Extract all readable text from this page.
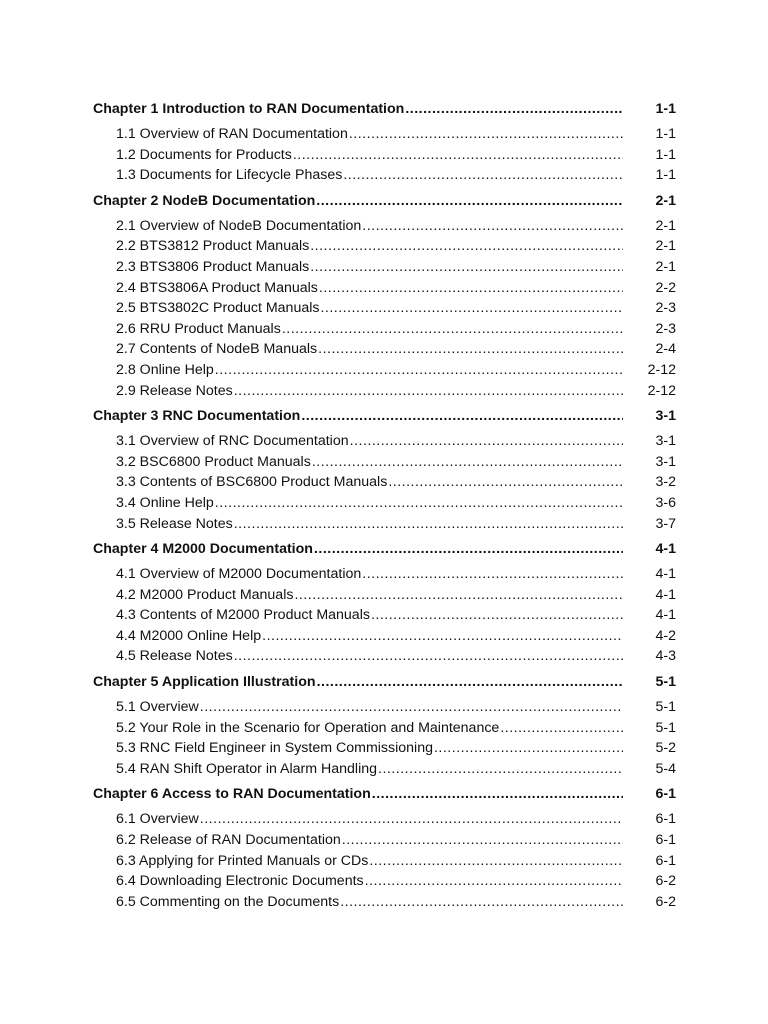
Chapter 1 Introduction to RAN Documentation .....	1-1
1.1 Overview of RAN Documentation .....	1-1
1.2 Documents for Products .....	1-1
1.3 Documents for Lifecycle Phases .....	1-1
Chapter 2 NodeB Documentation .....	2-1
2.1 Overview of NodeB Documentation .....	2-1
2.2 BTS3812 Product Manuals .....	2-1
2.3 BTS3806 Product Manuals .....	2-1
2.4 BTS3806A Product Manuals .....	2-2
2.5 BTS3802C Product Manuals .....	2-3
2.6 RRU Product Manuals .....	2-3
2.7 Contents of NodeB Manuals .....	2-4
2.8 Online Help .....	2-12
2.9 Release Notes .....	2-12
Chapter 3 RNC Documentation .....	3-1
3.1 Overview of RNC Documentation .....	3-1
3.2 BSC6800 Product Manuals .....	3-1
3.3 Contents of BSC6800 Product Manuals .....	3-2
3.4 Online Help .....	3-6
3.5 Release Notes .....	3-7
Chapter 4 M2000 Documentation .....	4-1
4.1 Overview of M2000 Documentation .....	4-1
4.2 M2000 Product Manuals .....	4-1
4.3 Contents of M2000 Product Manuals .....	4-1
4.4 M2000 Online Help .....	4-2
4.5 Release Notes .....	4-3
Chapter 5 Application Illustration .....	5-1
5.1 Overview .....	5-1
5.2 Your Role in the Scenario for Operation and Maintenance .....	5-1
5.3 RNC Field Engineer in System Commissioning .....	5-2
5.4 RAN Shift Operator in Alarm Handling .....	5-4
Chapter 6 Access to RAN Documentation .....	6-1
6.1 Overview .....	6-1
6.2 Release of RAN Documentation .....	6-1
6.3 Applying for Printed Manuals or CDs .....	6-1
6.4 Downloading Electronic Documents .....	6-2
6.5 Commenting on the Documents .....	6-2
